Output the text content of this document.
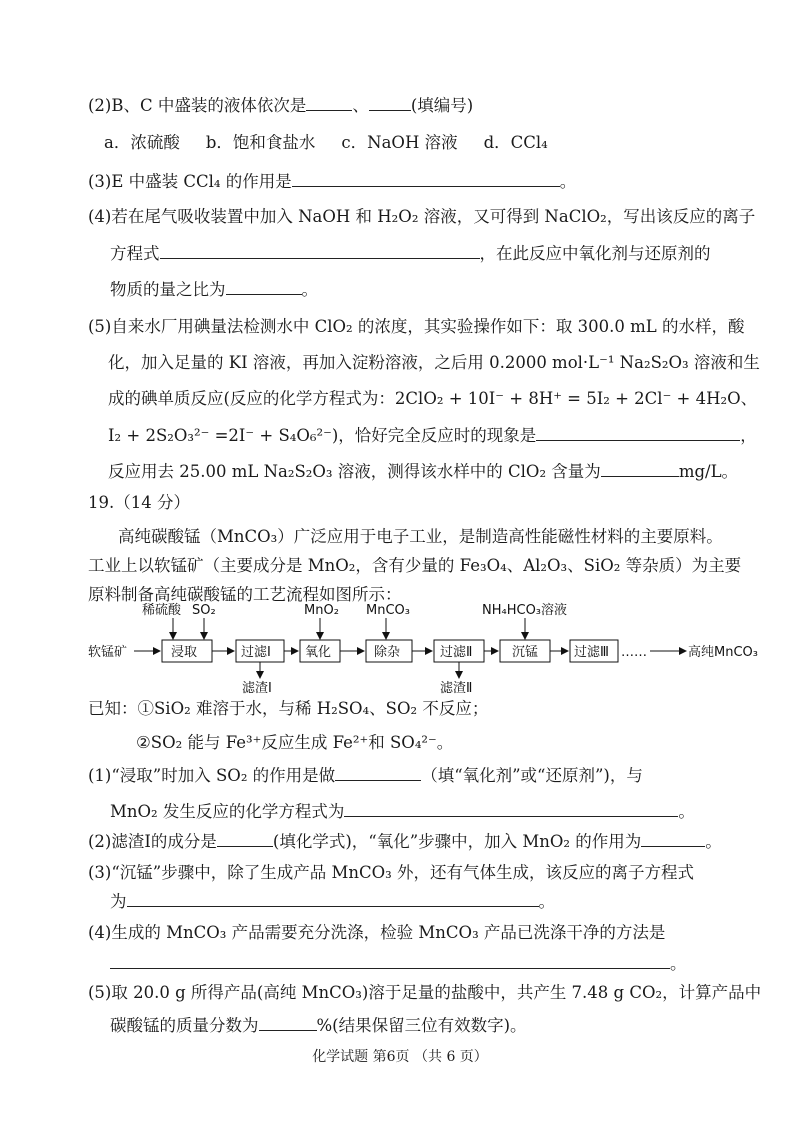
(2)B、C 中盛装的液体依次是	、	(填编号)
a．浓硫酸 b．饱和食盐水 c．NaOH 溶液 d．CCl₄
(3)E 中盛装 CCl₄ 的作用是	。
(4)若在尾气吸收装置中加入 NaOH 和 H₂O₂ 溶液，又可得到 NaClO₂，写出该反应的离子
方程式	，在此反应中氧化剂与还原剂的
物质的量之比为	。
(5)自来水厂用碘量法检测水中 ClO₂ 的浓度，其实验操作如下：取 300.0 mL 的水样，酸
化，加入足量的 KI 溶液，再加入淀粉溶液，之后用 0.2000 mol·L⁻¹ Na₂S₂O₃ 溶液和生
成的碘单质反应(反应的化学方程式为：2ClO₂ + 10I⁻ + 8H⁺ = 5I₂ + 2Cl⁻ + 4H₂O、
I₂ + 2S₂O₃²⁻ =2I⁻ + S₄O₆²⁻)，恰好完全反应时的现象是	，
反应用去 25.00 mL Na₂S₂O₃ 溶液，测得该水样中的 ClO₂ 含量为	mg/L。
19.（14 分）
高纯碳酸锰（MnCO₃）广泛应用于电子工业，是制造高性能磁性材料的主要原料。
工业上以软锰矿（主要成分是 MnO₂，含有少量的 Fe₃O₄、Al₂O₃、SiO₂ 等杂质）为主要
原料制备高纯碳酸锰的工艺流程如图所示：
软锰矿	浸取	过滤Ⅰ	氧化	除杂	过滤Ⅱ	沉锰	过滤Ⅲ ……	高纯MnCO₃
稀硫酸 SO₂	MnO₂ MnCO₃	NH₄HCO₃溶液
滤渣Ⅰ	滤渣Ⅱ
已知：①SiO₂ 难溶于水，与稀 H₂SO₄、SO₂ 不反应；
②SO₂ 能与 Fe³⁺反应生成 Fe²⁺和 SO₄²⁻。
(1)“浸取”时加入 SO₂ 的作用是做	（填“氧化剂”或“还原剂”)，与
MnO₂ 发生反应的化学方程式为	。
(2)滤渣Ⅰ的成分是	(填化学式)，“氧化”步骤中，加入 MnO₂ 的作用为	。
(3)“沉锰”步骤中，除了生成产品 MnCO₃ 外，还有气体生成，该反应的离子方程式
为	。
(4)生成的 MnCO₃ 产品需要充分洗涤，检验 MnCO₃ 产品已洗涤干净的方法是
。
(5)取 20.0 g 所得产品(高纯 MnCO₃)溶于足量的盐酸中，共产生 7.48 g CO₂，计算产品中
碳酸锰的质量分数为	%(结果保留三位有效数字)。
化学试题 第6页 （共 6 页）
